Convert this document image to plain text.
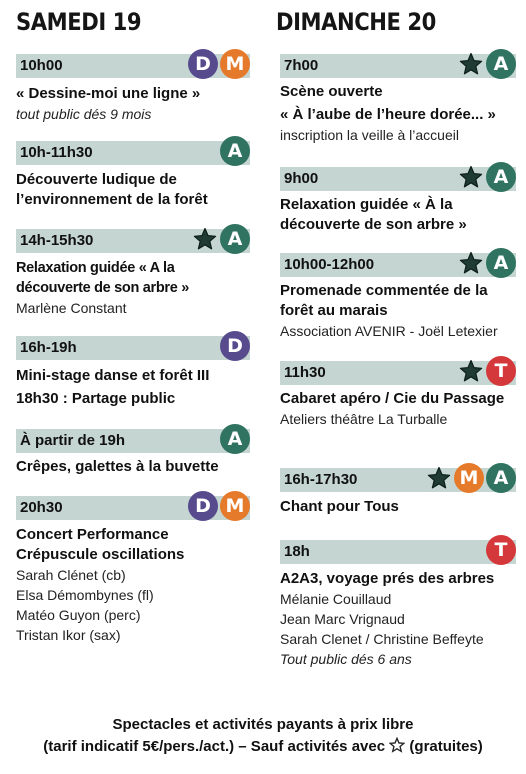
SAMEDI 19
10h00	D M
« Dessine-moi une ligne »
tout public dés 9 mois
10h-11h30	A
Découverte ludique de l’environnement de la forêt
14h-15h30	A
Relaxation guidée « A la découverte de son arbre »
Marlène Constant
16h-19h	D
Mini-stage danse et forêt III
18h30 : Partage public
À partir de 19h	A
Crêpes, galettes à la buvette
20h30	D M
Concert Performance Crépuscule oscillations
Sarah Clénet (cb)
Elsa Démombynes (fl)
Matéo Guyon (perc)
Tristan Ikor (sax)
DIMANCHE 20
7h00	A
Scène ouverte
« À l’aube de l’heure dorée... »
inscription la veille à l’accueil
9h00	A
Relaxation guidée « À la découverte de son arbre »
10h00-12h00	A
Promenade commentée de la forêt au marais
Association AVENIR - Joël Letexier
11h30	T
Cabaret apéro / Cie du Passage
Ateliers théâtre La Turballe
16h-17h30	M A
Chant pour Tous
18h	T
A2A3, voyage prés des arbres
Mélanie Couillaud
Jean Marc Vrignaud
Sarah Clenet / Christine Beffeyte
Tout public dés 6 ans
Spectacles et activités payants à prix libre
(tarif indicatif 5€/pers./act.) – Sauf activités avec (gratuites)
